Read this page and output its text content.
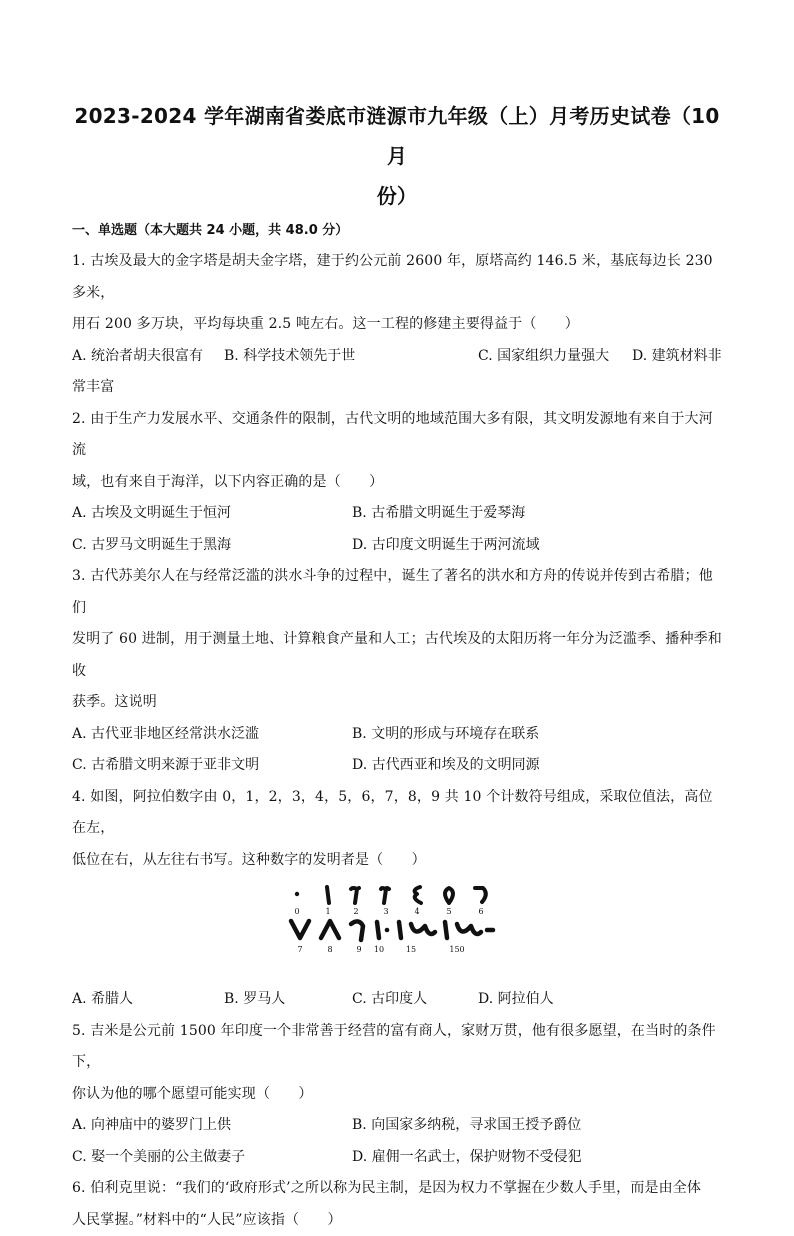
2023-2024 学年湖南省娄底市涟源市九年级（上）月考历史试卷（10 月
份）
一、单选题（本大题共 24 小题，共 48.0 分）

1. 古埃及最大的金字塔是胡夫金字塔，建于约公元前 2600 年，原塔高约 146.5 米，基底每边长 230 多米，

用石 200 多万块，平均每块重 2.5 吨左右。这一工程的修建主要得益于（　　）

A. 统治者胡夫很富有 B. 科学技术领先于世	C. 国家组织力量强大 D. 建筑材料非

常丰富

2. 由于生产力发展水平、交通条件的限制，古代文明的地域范围大多有限，其文明发源地有来自于大河流

域，也有来自于海洋，以下内容正确的是（　　）

A. 古埃及文明诞生于恒河	B. 古希腊文明诞生于爱琴海
C. 古罗马文明诞生于黑海	D. 古印度文明诞生于两河流域

3. 古代苏美尔人在与经常泛滥的洪水斗争的过程中，诞生了著名的洪水和方舟的传说并传到古希腊；他们

发明了 60 进制，用于测量土地、计算粮食产量和人工；古代埃及的太阳历将一年分为泛滥季、播种季和收

获季。这说明

A. 古代亚非地区经常洪水泛滥	B. 文明的形成与环境存在联系
C. 古希腊文明来源于亚非文明	D. 古代西亚和埃及的文明同源

4. 如图，阿拉伯数字由 0，1，2，3，4，5，6，7，8，9 共 10 个计数符号组成，采取位值法，高位在左，

低位在右，从左往右书写。这种数字的发明者是（　　）

0	1	2	3	4	5	6
7	8	9 10	15	150
A. 希腊人	B. 罗马人	C. 古印度人	D. 阿拉伯人

5. 吉米是公元前 1500 年印度一个非常善于经营的富有商人，家财万贯，他有很多愿望，在当时的条件下，

你认为他的哪个愿望可能实现（　　）

A. 向神庙中的婆罗门上供	B. 向国家多纳税，寻求国王授予爵位
C. 娶一个美丽的公主做妻子	D. 雇佣一名武士，保护财物不受侵犯

6. 伯利克里说：“我们的‘政府形式’之所以称为民主制，是因为权力不掌握在少数人手里，而是由全体

人民掌握。”材料中的“人民”应该指（　　）
